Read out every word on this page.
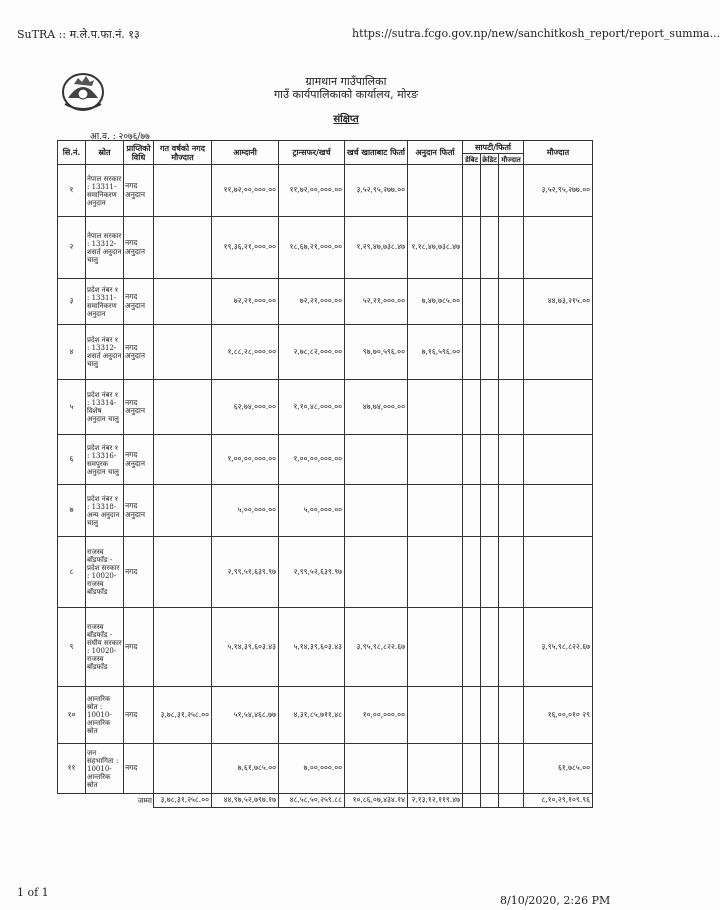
SuTRA :: म.ले.प.फा.नं. १३	https://sutra.fcgo.gov.np/new/sanchitkosh_report/report_summa...
ग्रामथान गाउँपालिका
गाउँ कार्यपालिकाको कार्यालय, मोरङ
संक्षिप्त
आ.व. : २०७६/७७
सि.नं.	स्रोत	प्राप्तिको विधि	गत वर्षको नगद मौज्दात	आम्दानी	ट्रान्सफर/खर्च	खर्च खाताबाट फिर्ता	अनुदान फिर्ता	सापटी/फिर्ता			मौज्दात
								डेबिट	क्रेडिट	मौज्दात	
१	नेपाल सरकार : 13311-समानिकरण अनुदान	नगद अनुदान		११,७२,००,०००.००	११,७२,००,०००.००	३,५२,९५,२७७.००					३,५२,९५,२७७.००
२	नेपाल सरकार : 13312-शसर्त अनुदान चालु	नगद अनुदान		१९,३६,२१,०००.००	१८,६७,२१,०००.००	१,२९,४७,७३८.४७	१,१८,४७,७३८.४७				
३	प्रदेश नंबर १ : 13311-समानिकरण अनुदान	नगद अनुदान		७२,२१,०००.००	७२,२१,०००.००	५२,२१,०००.००	७,४७,७८५.००				४४,७३,२१५.००
४	प्रदेश नंबर १ : 13312-शसर्त अनुदान चालु	नगद अनुदान		१,८८,२८,०००.००	२,७८,८२,०००.००	९७,७०,५९६.००	७,१६,५९६.००				
५	प्रदेश नंबर १ : 13314-विशेष अनुदान चालु	नगद अनुदान		६२,७४,०००.००	१,१०,४८,०००.००	४७,७४,०००.००					
६	प्रदेश नंबर १ : 13316-समपुरक अनुदान चालु	नगद अनुदान		१,००,००,०००.००	१,००,००,०००.००						
७	प्रदेश नंबर १ : 13318-अन्य अनुदान चालु	नगद अनुदान		५,००,०००.००	५,००,०००.००						
८	राजस्व बाँडफाँड - प्रदेश सरकार : 10020-राजस्व बाँडफाँड	नगद		२,९९,५१,६३९.९७	२,९९,५२,६३९.९७						
९	राजस्व बाँडफाँड - संघीय सरकार : 10020-राजस्व बाँडफाँड	नगद		५,१४,३९,६०३.४३	५,१४,३९,६०३.४३	३,९५,९८,८२२.६७					३,९५,९८,८२२.६७
१०	आन्तरिक स्रोत : 10010-आन्तरिक स्रोत	नगद	३,७८,३१,२५८.००	५१,५४,४६८.७७	४,३१,८५,७११.४८	१०,००,०००.००					१६,००,०१० २९
११	जन सहभागिता : 10010-आन्तरिक स्रोत	नगद		७,६१,७८५.००	७,००,०००.००						६१,७८५.००
जम्मा			३,७८,३१,२५८.००	४४,९७,५२,७९७.१७	४८,५८,५०,२५९.८८	१०,८६,०७,४३४.१४	२,१३,१२,११९.४७				८,१०,२९,१०९.९६
1 of 1
8/10/2020, 2:26 PM
